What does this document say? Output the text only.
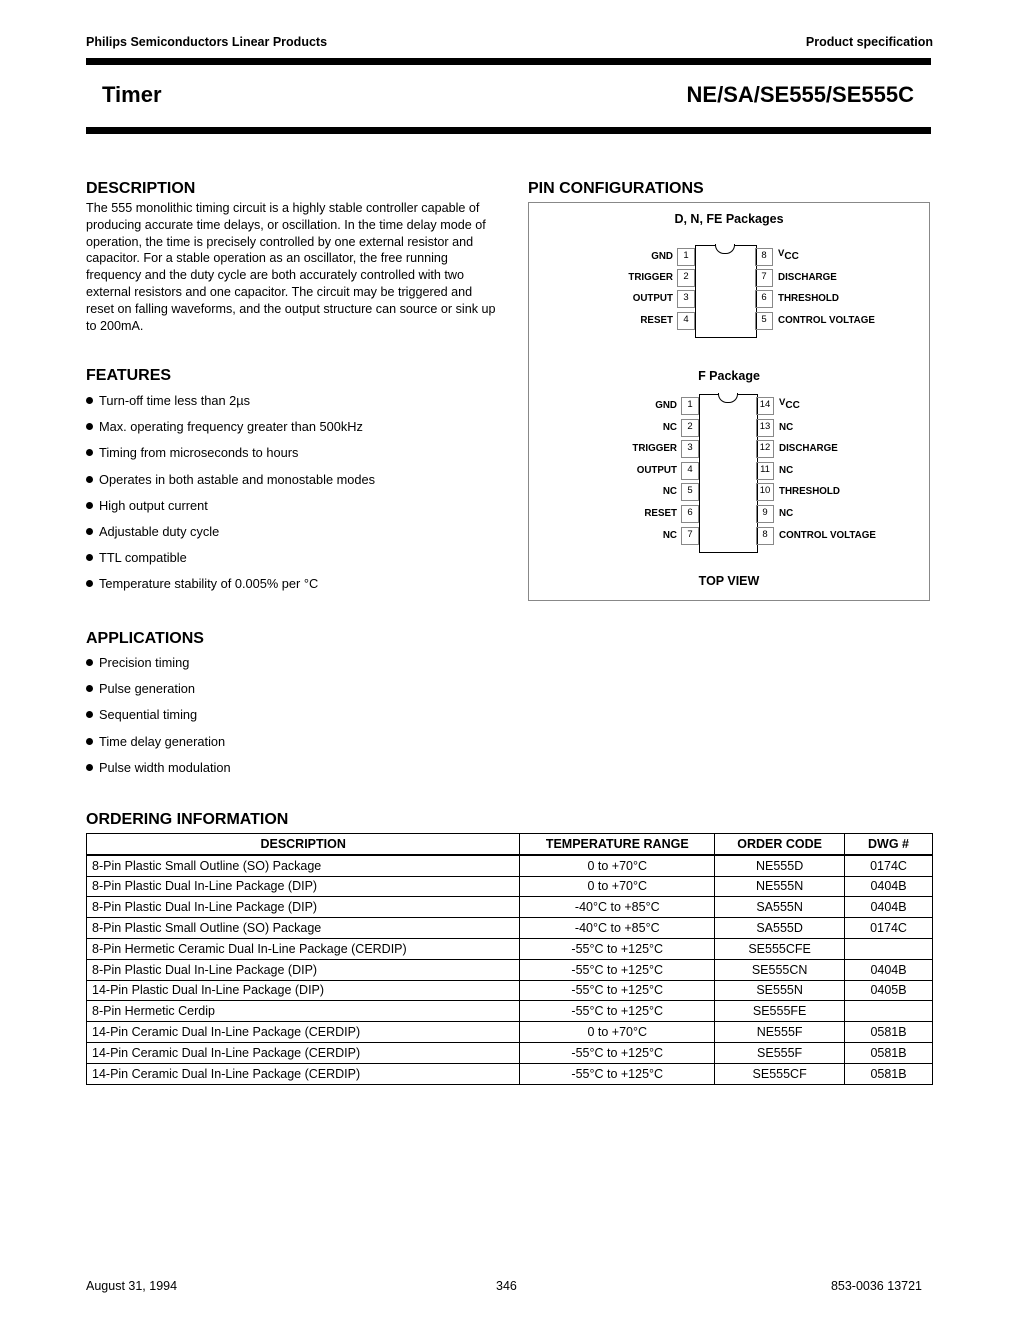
Philips Semiconductors Linear Products	Product specification
Timer	NE/SA/SE555/SE555C
DESCRIPTION
The 555 monolithic timing circuit is a highly stable controller capable of producing accurate time delays, or oscillation. In the time delay mode of operation, the time is precisely controlled by one external resistor and capacitor. For a stable operation as an oscillator, the free running frequency and the duty cycle are both accurately controlled with two external resistors and one capacitor. The circuit may be triggered and reset on falling waveforms, and the output structure can source or sink up to 200mA.
FEATURES
Turn-off time less than 2µs
Max. operating frequency greater than 500kHz
Timing from microseconds to hours
Operates in both astable and monostable modes
High output current
Adjustable duty cycle
TTL compatible
Temperature stability of 0.005% per °C
APPLICATIONS
Precision timing
Pulse generation
Sequential timing
Time delay generation
Pulse width modulation
PIN CONFIGURATIONS
D, N, FE Packages
1
GND	8	VCC
2
TRIGGER	7	DISCHARGE
3
OUTPUT	6	THRESHOLD
4
RESET	5	CONTROL VOLTAGE
F Package
1
GND	14 VCC
2
NC	13 NC
3
TRIGGER	12 DISCHARGE
4
OUTPUT	11 NC
5
NC	10 THRESHOLD
6
RESET	9	NC
7
NC	8	CONTROL VOLTAGE
TOP VIEW
ORDERING INFORMATION
DESCRIPTION	TEMPERATURE RANGE	ORDER CODE	DWG #
8-Pin Plastic Small Outline (SO) Package	0 to +70°C	NE555D	0174C
8-Pin Plastic Dual In-Line Package (DIP)	0 to +70°C	NE555N	0404B
8-Pin Plastic Dual In-Line Package (DIP)	-40°C to +85°C	SA555N	0404B
8-Pin Plastic Small Outline (SO) Package	-40°C to +85°C	SA555D	0174C
8-Pin Hermetic Ceramic Dual In-Line Package (CERDIP)	-55°C to +125°C	SE555CFE	
8-Pin Plastic Dual In-Line Package (DIP)	-55°C to +125°C	SE555CN	0404B
14-Pin Plastic Dual In-Line Package (DIP)	-55°C to +125°C	SE555N	0405B
8-Pin Hermetic Cerdip	-55°C to +125°C	SE555FE	
14-Pin Ceramic Dual In-Line Package (CERDIP)	0 to +70°C	NE555F	0581B
14-Pin Ceramic Dual In-Line Package (CERDIP)	-55°C to +125°C	SE555F	0581B
14-Pin Ceramic Dual In-Line Package (CERDIP)	-55°C to +125°C	SE555CF	0581B
August 31, 1994	346	853-0036 13721
